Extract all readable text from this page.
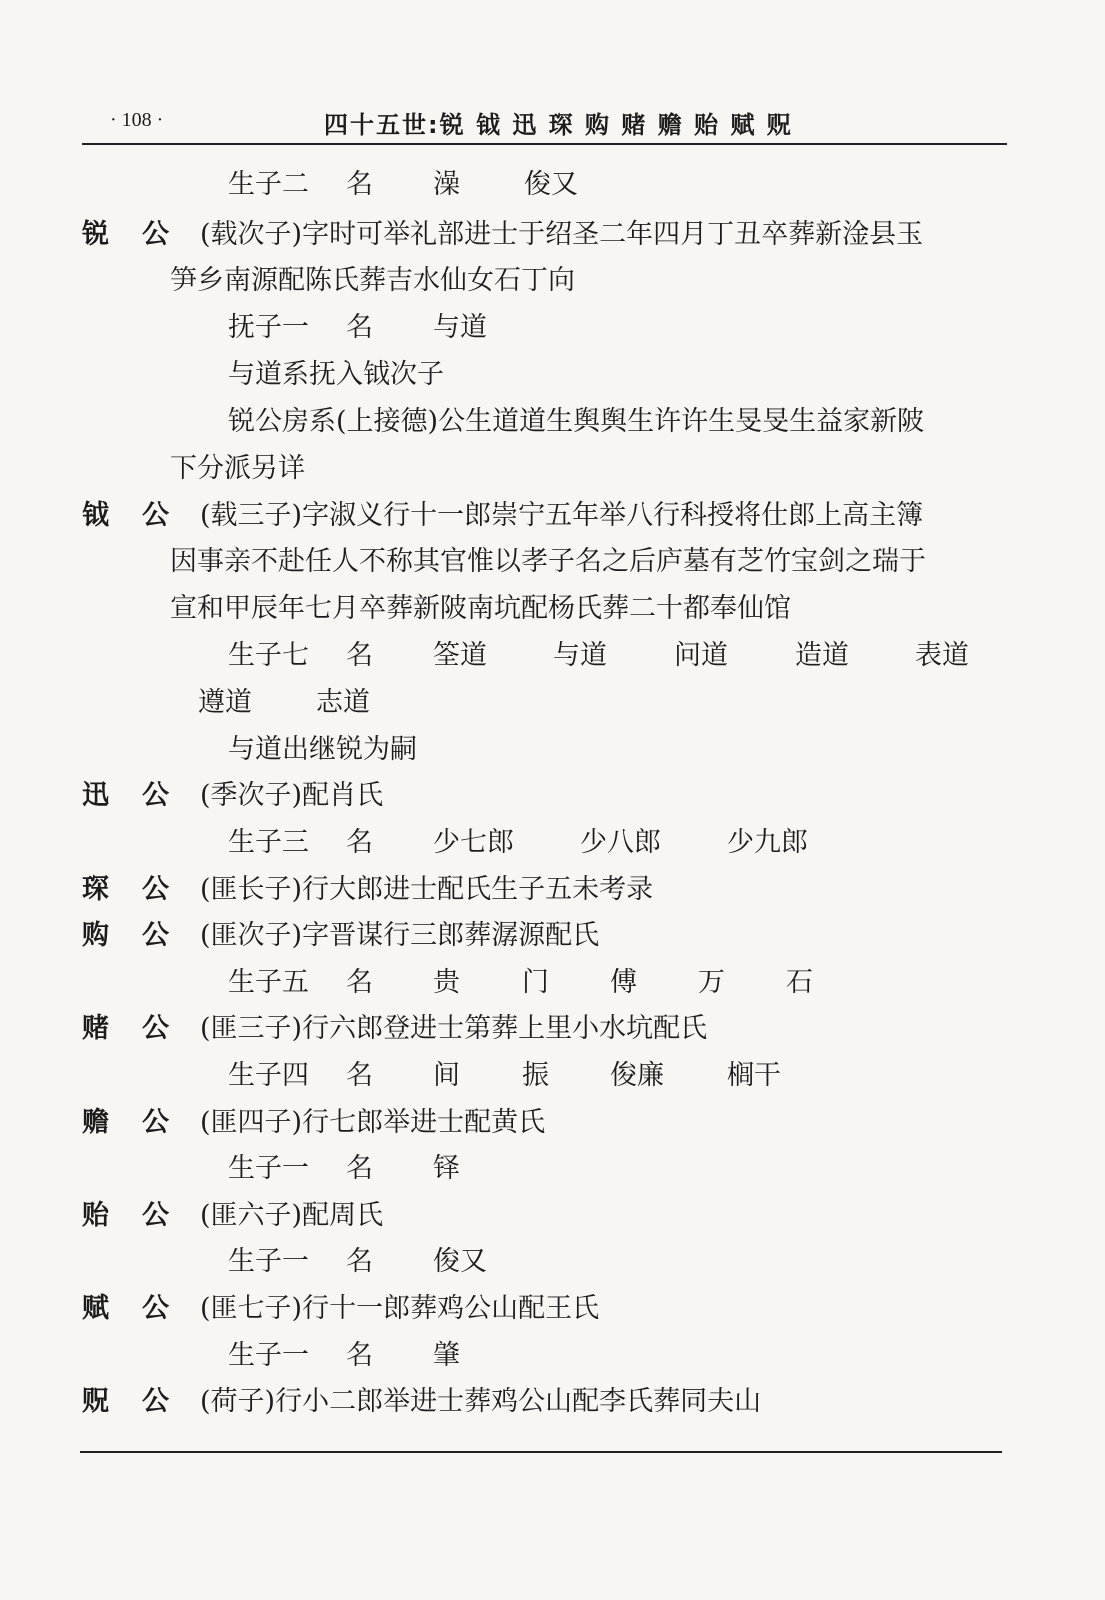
· 108 ·	四十五世:锐 钺 迅 琛 购 赌 赡 贻 赋 贶
生子二 名 澡 俊又
锐 公 (载次子)字时可举礼部进士于绍圣二年四月丁丑卒葬新淦县玉
笋乡南源配陈氏葬吉水仙女石丁向
抚子一 名 与道
与道系抚入钺次子
锐公房系(上接德)公生道道生舆舆生许许生旻旻生益家新陂
下分派另详
钺 公 (载三子)字淑义行十一郎崇宁五年举八行科授将仕郎上高主簿
因事亲不赴任人不称其官惟以孝子名之后庐墓有芝竹宝剑之瑞于
宣和甲辰年七月卒葬新陂南坑配杨氏葬二十都奉仙馆
生子七 名 筌道 与道 问道 造道 表道
遵道 志道
与道出继锐为嗣
迅 公 (季次子)配肖氏
生子三 名 少七郎 少八郎 少九郎
琛 公 (匪长子)行大郎进士配氏生子五未考录
购 公 (匪次子)字晋谋行三郎葬潺源配氏
生子五 名 贵 门 傅 万 石
赌 公 (匪三子)行六郎登进士第葬上里小水坑配氏
生子四 名 间 振 俊廉 榈干
赡 公 (匪四子)行七郎举进士配黄氏
生子一 名 铎
贻 公 (匪六子)配周氏
生子一 名 俊又
赋 公 (匪七子)行十一郎葬鸡公山配王氏
生子一 名 肇
贶 公 (荷子)行小二郎举进士葬鸡公山配李氏葬同夫山
